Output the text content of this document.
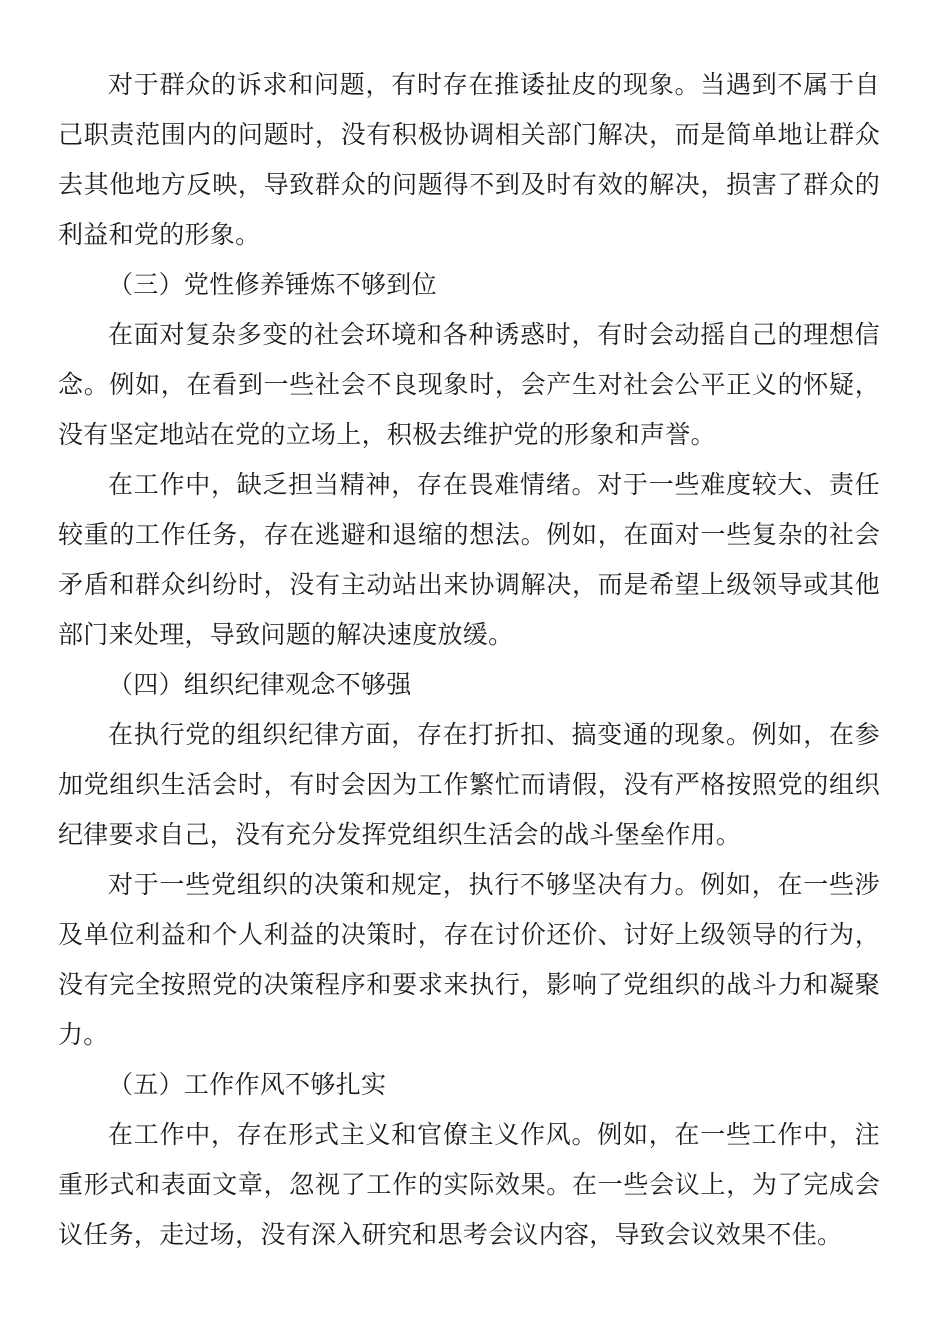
对于群众的诉求和问题，有时存在推诿扯皮的现象。当遇到不属于自己职责范围内的问题时，没有积极协调相关部门解决，而是简单地让群众去其他地方反映，导致群众的问题得不到及时有效的解决，损害了群众的利益和党的形象。

（三）党性修养锤炼不够到位

在面对复杂多变的社会环境和各种诱惑时，有时会动摇自己的理想信念。例如，在看到一些社会不良现象时，会产生对社会公平正义的怀疑，没有坚定地站在党的立场上，积极去维护党的形象和声誉。

在工作中，缺乏担当精神，存在畏难情绪。对于一些难度较大、责任较重的工作任务，存在逃避和退缩的想法。例如，在面对一些复杂的社会矛盾和群众纠纷时，没有主动站出来协调解决，而是希望上级领导或其他部门来处理，导致问题的解决速度放缓。

（四）组织纪律观念不够强

在执行党的组织纪律方面，存在打折扣、搞变通的现象。例如，在参加党组织生活会时，有时会因为工作繁忙而请假，没有严格按照党的组织纪律要求自己，没有充分发挥党组织生活会的战斗堡垒作用。

对于一些党组织的决策和规定，执行不够坚决有力。例如，在一些涉及单位利益和个人利益的决策时，存在讨价还价、讨好上级领导的行为，没有完全按照党的决策程序和要求来执行，影响了党组织的战斗力和凝聚力。

（五）工作作风不够扎实

在工作中，存在形式主义和官僚主义作风。例如，在一些工作中，注重形式和表面文章，忽视了工作的实际效果。在一些会议上，为了完成会议任务，走过场，没有深入研究和思考会议内容，导致会议效果不佳。
